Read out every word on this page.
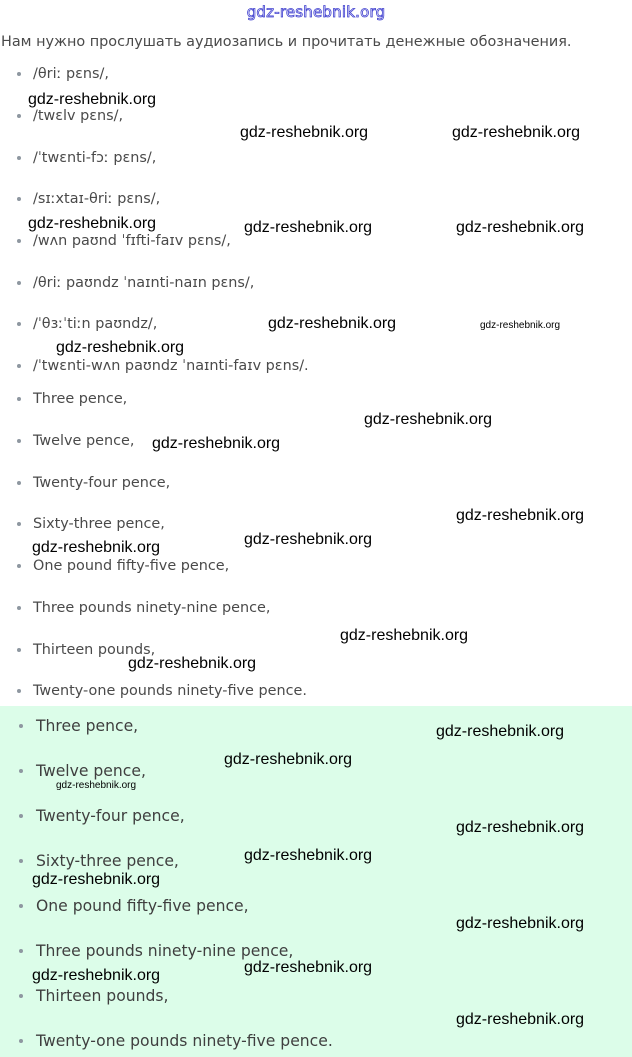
gdz-reshebnik.org
Нам нужно прослушать аудиозапись и прочитать денежные обозначения.
/θriː pɛns/,
/twɛlv pɛns/,
/ˈtwɛnti-fɔː pɛns/,
/sɪːxtaɪ-θriː pɛns/,
/wʌn paʊnd ˈfɪfti-faɪv pɛns/,
/θriː paʊndz ˈnaɪnti-naɪn pɛns/,
/ˈθɜːˈtiːn paʊndz/,
/ˈtwɛnti-wʌn paʊndz ˈnaɪnti-faɪv pɛns/.
Three pence,
Twelve pence,
Twenty-four pence,
Sixty-three pence,
One pound fifty-five pence,
Three pounds ninety-nine pence,
Thirteen pounds,
Twenty-one pounds ninety-five pence.
Three pence,
Twelve pence,
Twenty-four pence,
Sixty-three pence,
One pound fifty-five pence,
Three pounds ninety-nine pence,
Thirteen pounds,
Twenty-one pounds ninety-five pence.
gdz-reshebnik.org
gdz-reshebnik.org	gdz-reshebnik.org
gdz-reshebnik.org	gdz-reshebnik.org	gdz-reshebnik.org
gdz-reshebnik.org	gdz-reshebnik.org
gdz-reshebnik.org
gdz-reshebnik.org
gdz-reshebnik.org
gdz-reshebnik.org
gdz-reshebnik.org
gdz-reshebnik.org
gdz-reshebnik.org
gdz-reshebnik.org
gdz-reshebnik.org
gdz-reshebnik.org
gdz-reshebnik.org
gdz-reshebnik.org
gdz-reshebnik.org
gdz-reshebnik.org
gdz-reshebnik.org
gdz-reshebnik.org
gdz-reshebnik.org
gdz-reshebnik.org
